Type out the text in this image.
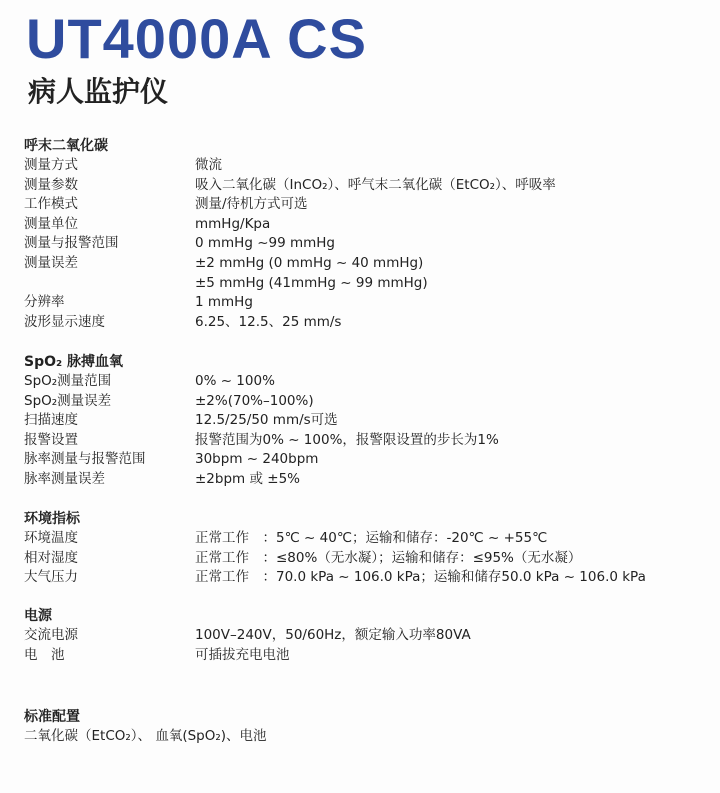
UT4000A CS
病人监护仪
呼末二氧化碳
测量方式	微流
测量参数	吸入二氧化碳（InCO₂）、呼气末二氧化碳（EtCO₂）、呼吸率
工作模式	测量/待机方式可选
测量单位	mmHg/Kpa
测量与报警范围	0 mmHg ~99 mmHg
测量误差	±2 mmHg (0 mmHg ~ 40 mmHg)
±5 mmHg (41mmHg ~ 99 mmHg)
分辨率	1 mmHg
波形显示速度	6.25、12.5、25 mm/s
SpO₂ 脉搏血氧
SpO₂测量范围	0% ~ 100%
SpO₂测量误差	±2%(70%–100%)
扫描速度	12.5/25/50 mm/s可选
报警设置	报警范围为0% ~ 100%，报警限设置的步长为1%
脉率测量与报警范围	30bpm ~ 240bpm
脉率测量误差	±2bpm 或 ±5%
环境指标
环境温度	正常工作　：5℃ ~ 40℃；运输和储存：-20℃ ~ +55℃
相对湿度	正常工作　：≤80%（无水凝）；运输和储存：≤95%（无水凝）
大气压力	正常工作　：70.0 kPa ~ 106.0 kPa；运输和储存50.0 kPa ~ 106.0 kPa
电源
交流电源	100V–240V，50/60Hz，额定输入功率80VA
电　池	可插拔充电电池
标准配置
二氧化碳（EtCO₂）、 血氧(SpO₂)、电池
